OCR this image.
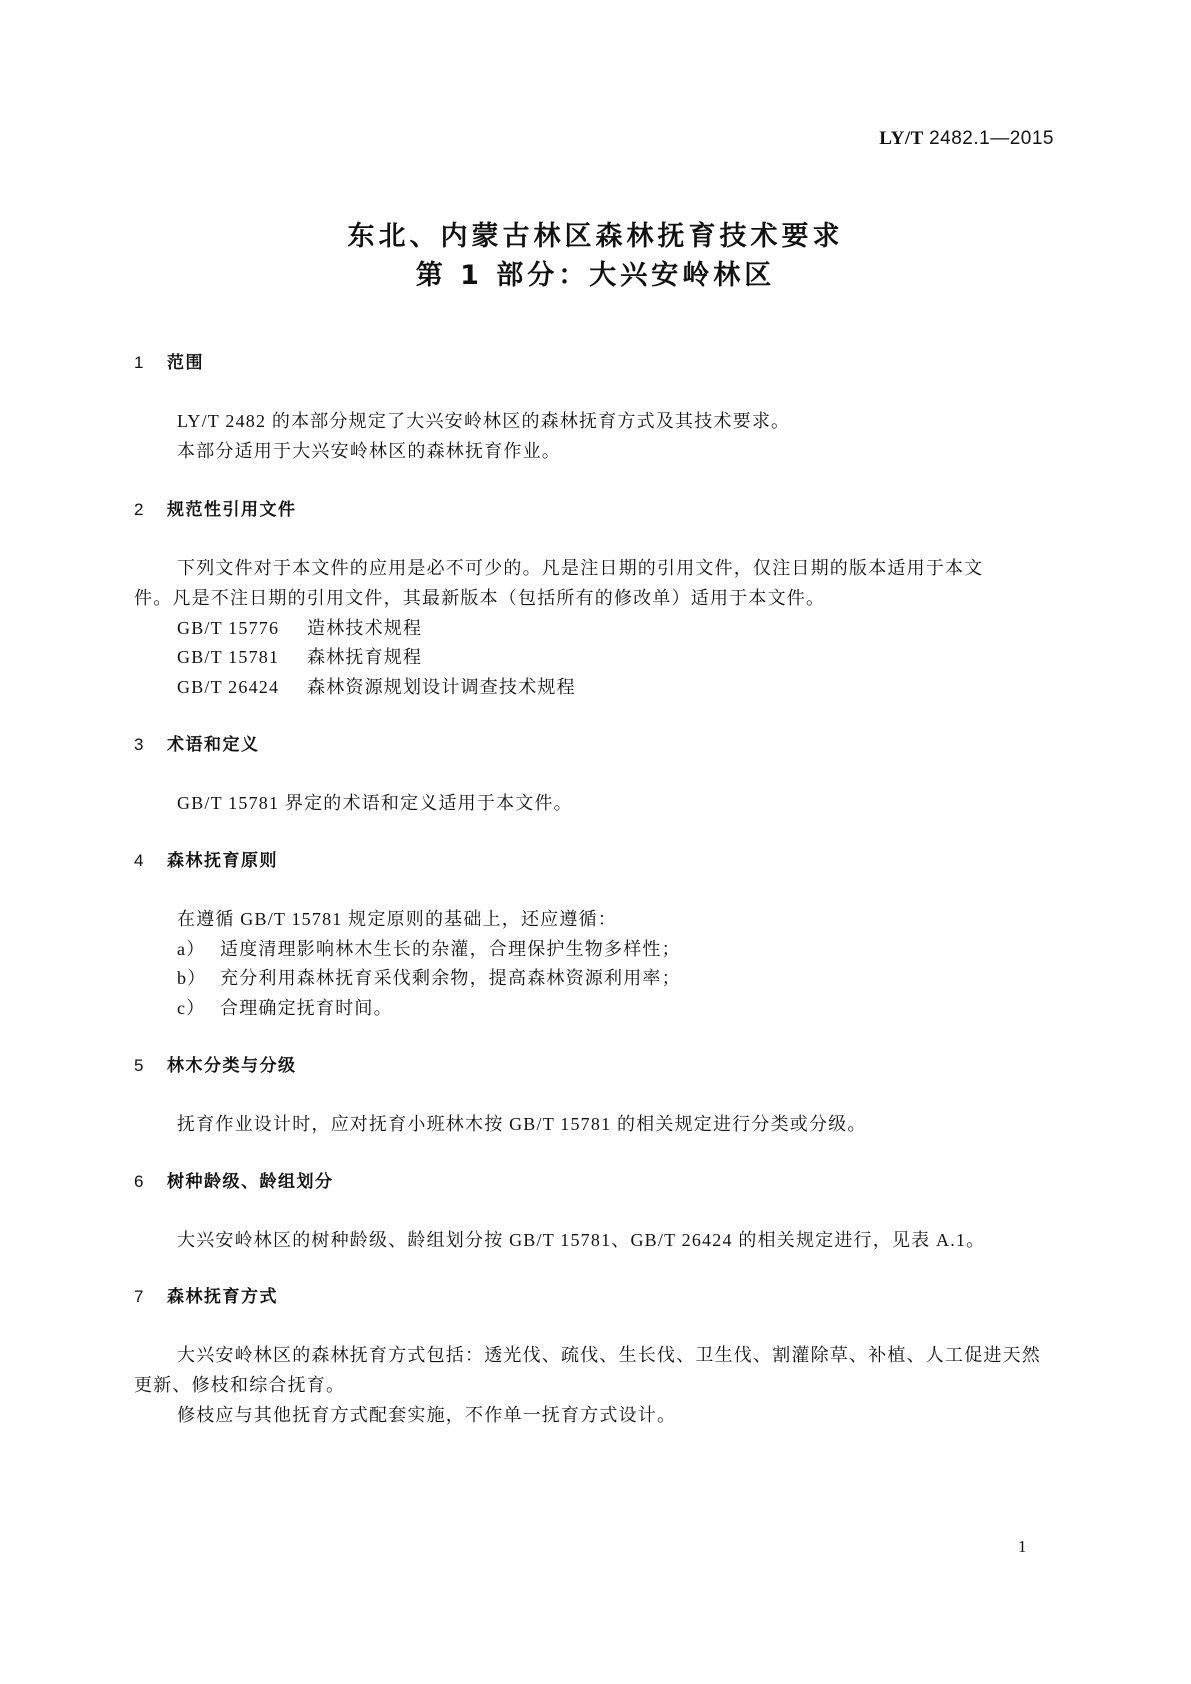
LY/T 2482.1—2015
东北、内蒙古林区森林抚育技术要求
第 1 部分：大兴安岭林区
1 范围
LY/T 2482 的本部分规定了大兴安岭林区的森林抚育方式及其技术要求。
本部分适用于大兴安岭林区的森林抚育作业。
2 规范性引用文件
下列文件对于本文件的应用是必不可少的。凡是注日期的引用文件，仅注日期的版本适用于本文
件。凡是不注日期的引用文件，其最新版本（包括所有的修改单）适用于本文件。
GB/T 15776 造林技术规程
GB/T 15781 森林抚育规程
GB/T 26424 森林资源规划设计调查技术规程
3 术语和定义
GB/T 15781 界定的术语和定义适用于本文件。
4 森林抚育原则
在遵循 GB/T 15781 规定原则的基础上，还应遵循：
a） 适度清理影响林木生长的杂灌，合理保护生物多样性；
b） 充分利用森林抚育采伐剩余物，提高森林资源利用率；
c） 合理确定抚育时间。
5 林木分类与分级
抚育作业设计时，应对抚育小班林木按 GB/T 15781 的相关规定进行分类或分级。
6 树种龄级、龄组划分
大兴安岭林区的树种龄级、龄组划分按 GB/T 15781、GB/T 26424 的相关规定进行，见表 A.1。
7 森林抚育方式
大兴安岭林区的森林抚育方式包括：透光伐、疏伐、生长伐、卫生伐、割灌除草、补植、人工促进天然
更新、修枝和综合抚育。
修枝应与其他抚育方式配套实施，不作单一抚育方式设计。
1
